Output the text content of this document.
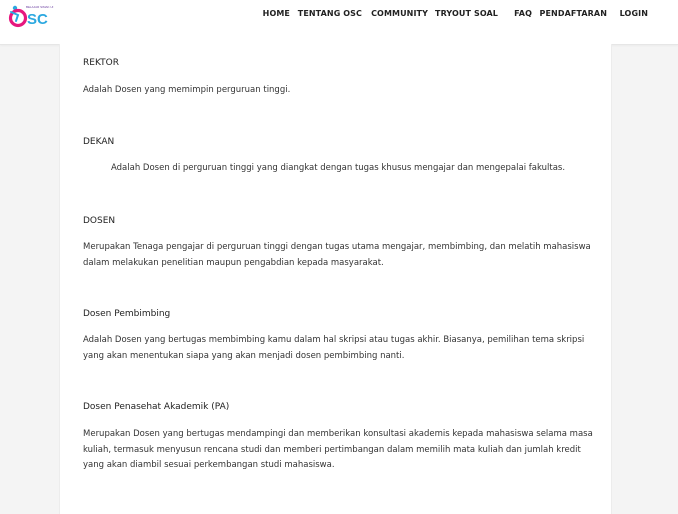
SC
BELAJAR SIMAK UI
HOME TENTANG OSC COMMUNITY TRYOUT SOAL FAQ PENDAFTARAN LOGIN
REKTOR
Adalah Dosen yang memimpin perguruan tinggi.
DEKAN
Adalah Dosen di perguruan tinggi yang diangkat dengan tugas khusus mengajar dan mengepalai fakultas.
DOSEN
Merupakan Tenaga pengajar di perguruan tinggi dengan tugas utama mengajar, membimbing, dan melatih mahasiswa dalam melakukan penelitian maupun pengabdian kepada masyarakat.
Dosen Pembimbing
Adalah Dosen yang bertugas membimbing kamu dalam hal skripsi atau tugas akhir. Biasanya, pemilihan tema skripsi yang akan menentukan siapa yang akan menjadi dosen pembimbing nanti.
Dosen Penasehat Akademik (PA)
Merupakan Dosen yang bertugas mendampingi dan memberikan konsultasi akademis kepada mahasiswa selama masa kuliah, termasuk menyusun rencana studi dan memberi pertimbangan dalam memilih mata kuliah dan jumlah kredit yang akan diambil sesuai perkembangan studi mahasiswa.
